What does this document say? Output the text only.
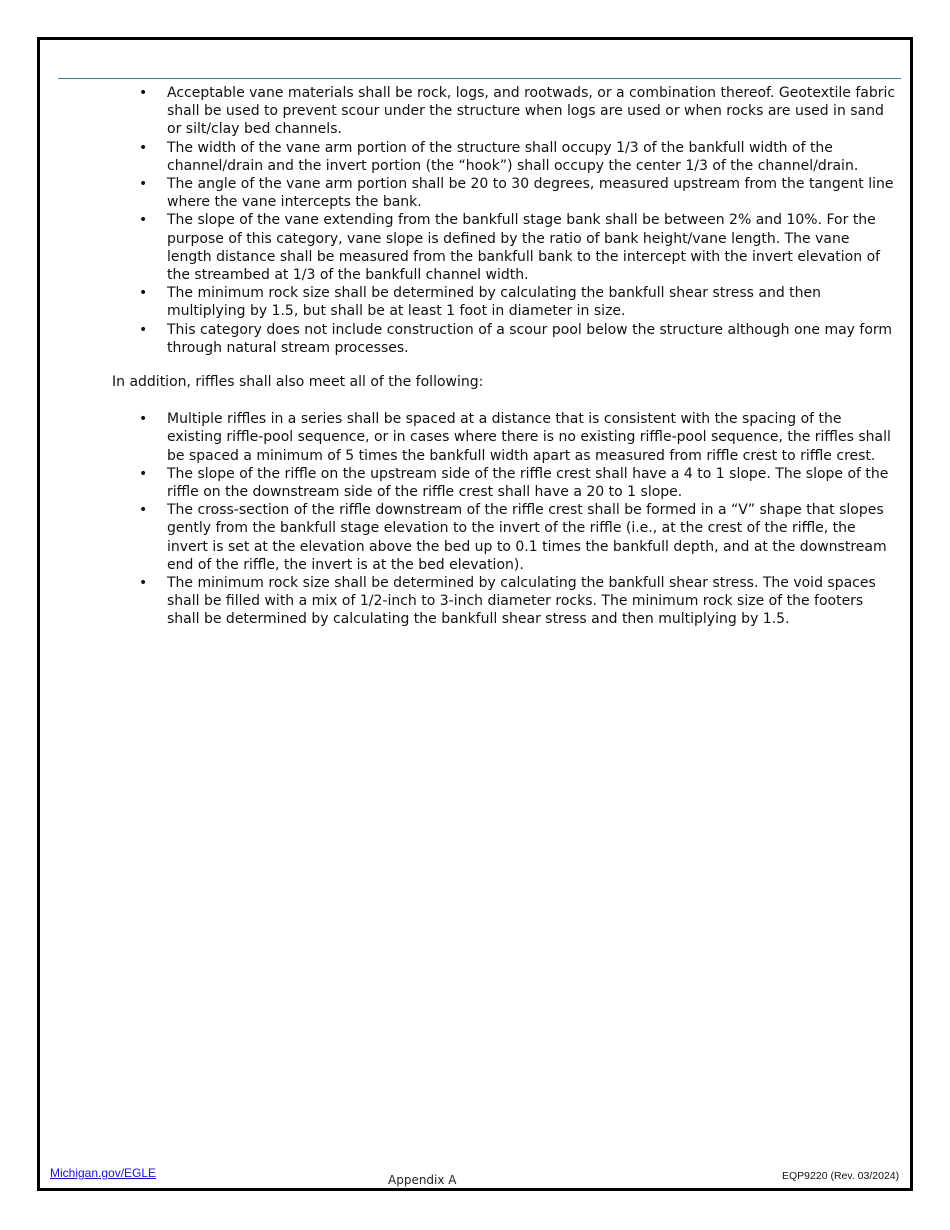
• Acceptable vane materials shall be rock, logs, and rootwads, or a combination thereof. Geotextile fabric shall be used to prevent scour under the structure when logs are used or when rocks are used in sand or silt/clay bed channels.
• The width of the vane arm portion of the structure shall occupy 1/3 of the bankfull width of the channel/drain and the invert portion (the “hook”) shall occupy the center 1/3 of the channel/drain.
• The angle of the vane arm portion shall be 20 to 30 degrees, measured upstream from the tangent line where the vane intercepts the bank.
• The slope of the vane extending from the bankfull stage bank shall be between 2% and 10%. For the purpose of this category, vane slope is defined by the ratio of bank height/vane length. The vane length distance shall be measured from the bankfull bank to the intercept with the invert elevation of the streambed at 1/3 of the bankfull channel width.
• The minimum rock size shall be determined by calculating the bankfull shear stress and then multiplying by 1.5, but shall be at least 1 foot in diameter in size.
• This category does not include construction of a scour pool below the structure although one may form through natural stream processes.

In addition, riffles shall also meet all of the following:

• Multiple riffles in a series shall be spaced at a distance that is consistent with the spacing of the existing riffle-pool sequence, or in cases where there is no existing riffle-pool sequence, the riffles shall be spaced a minimum of 5 times the bankfull width apart as measured from riffle crest to riffle crest.
• The slope of the riffle on the upstream side of the riffle crest shall have a 4 to 1 slope. The slope of the riffle on the downstream side of the riffle crest shall have a 20 to 1 slope.
• The cross-section of the riffle downstream of the riffle crest shall be formed in a “V” shape that slopes gently from the bankfull stage elevation to the invert of the riffle (i.e., at the crest of the riffle, the invert is set at the elevation above the bed up to 0.1 times the bankfull depth, and at the downstream end of the riffle, the invert is at the bed elevation).
• The minimum rock size shall be determined by calculating the bankfull shear stress. The void spaces shall be filled with a mix of 1/2-inch to 3-inch diameter rocks. The minimum rock size of the footers shall be determined by calculating the bankfull shear stress and then multiplying by 1.5.
Michigan.gov/EGLE	Appendix A	EQP9220 (Rev. 03/2024)
